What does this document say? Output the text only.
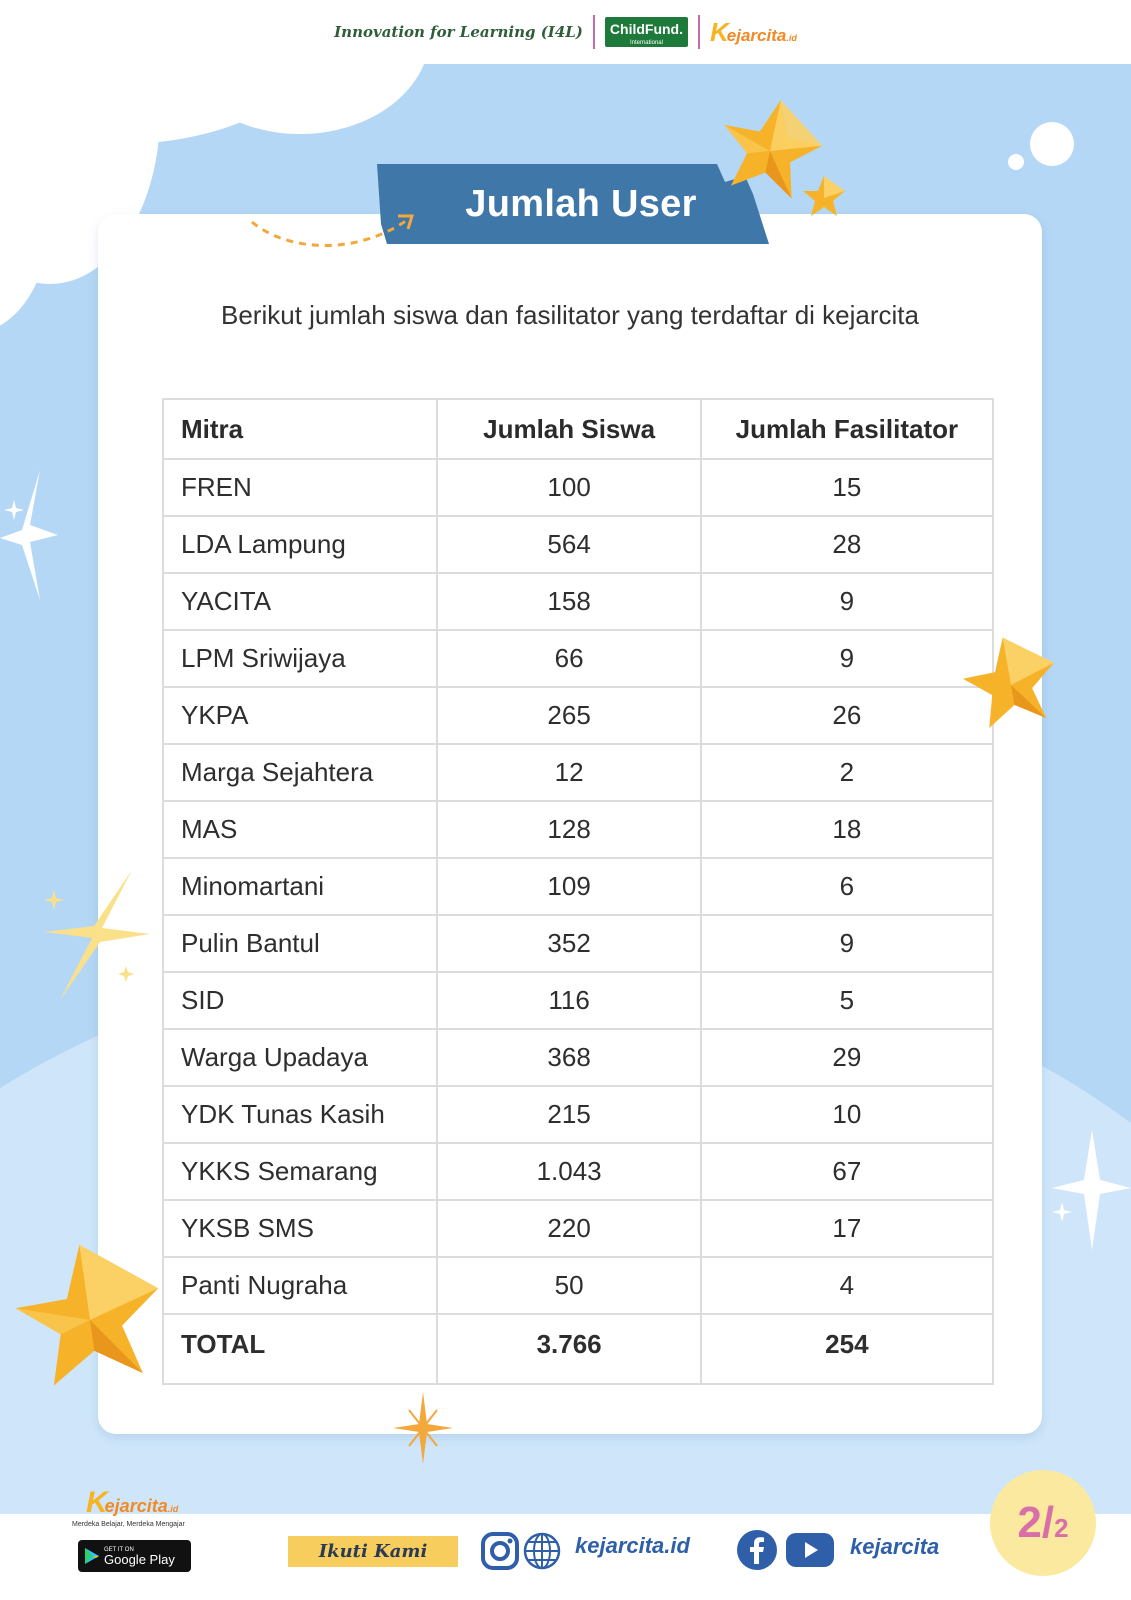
Innovation for Learning (I4L)	ChildFund.
International	Kejarcita.id
Jumlah User
Berikut jumlah siswa dan fasilitator yang terdaftar di kejarcita
Mitra	Jumlah Siswa	Jumlah Fasilitator
FREN	100	15
LDA Lampung	564	28
YACITA	158	9
LPM Sriwijaya	66	9
YKPA	265	26
Marga Sejahtera	12	2
MAS	128	18
Minomartani	109	6
Pulin Bantul	352	9
SID	116	5
Warga Upadaya	368	29
YDK Tunas Kasih	215	10
YKKS Semarang	1.043	67
YKSB SMS	220	17
Panti Nugraha	50	4
TOTAL	3.766	254
Kejarcita.id
Merdeka Belajar, Merdeka Mengajar
GET IT ON
Google Play	Ikuti Kami	kejarcita.id	kejarcita	2/2
